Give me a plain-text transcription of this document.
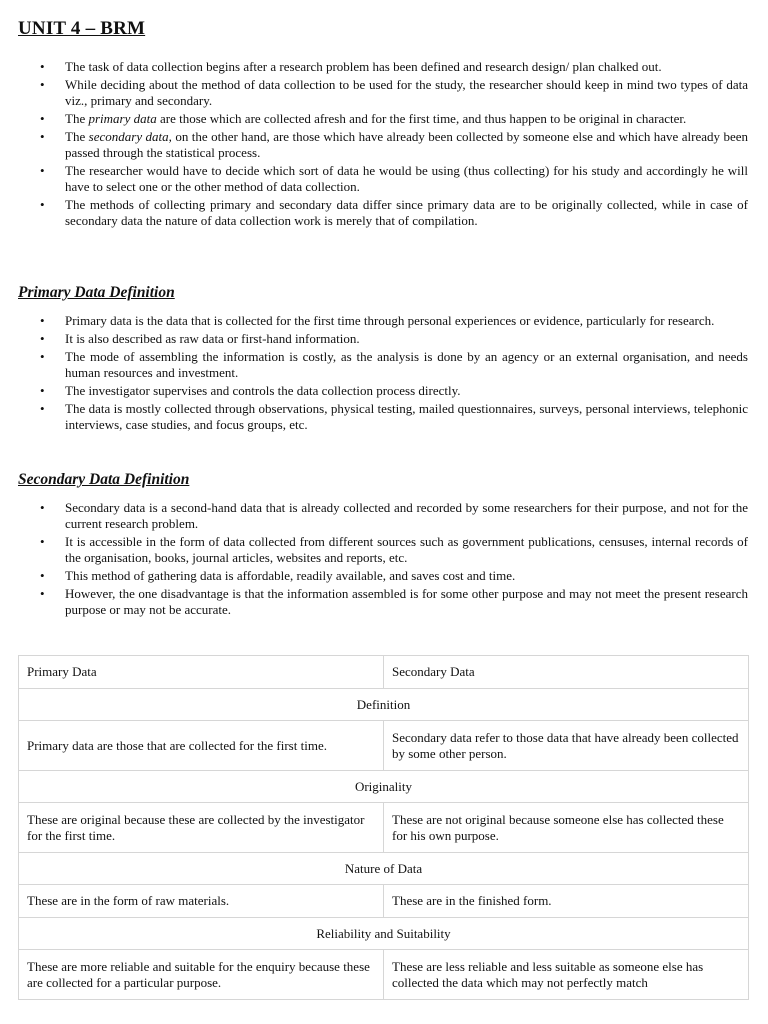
UNIT 4 – BRM
• The task of data collection begins after a research problem has been defined and research design/ plan chalked out.
• While deciding about the method of data collection to be used for the study, the researcher should keep in mind two types of data viz., primary and secondary.
• The primary data are those which are collected afresh and for the first time, and thus happen to be original in character.
• The secondary data, on the other hand, are those which have already been collected by someone else and which have already been passed through the statistical process.
• The researcher would have to decide which sort of data he would be using (thus collecting) for his study and accordingly he will have to select one or the other method of data collection.
• The methods of collecting primary and secondary data differ since primary data are to be originally collected, while in case of secondary data the nature of data collection work is merely that of compilation.
Primary Data Definition
• Primary data is the data that is collected for the first time through personal experiences or evidence, particularly for research.
• It is also described as raw data or first-hand information.
• The mode of assembling the information is costly, as the analysis is done by an agency or an external organisation, and needs human resources and investment.
• The investigator supervises and controls the data collection process directly.
• The data is mostly collected through observations, physical testing, mailed questionnaires, surveys, personal interviews, telephonic interviews, case studies, and focus groups, etc.
Secondary Data Definition
• Secondary data is a second-hand data that is already collected and recorded by some researchers for their purpose, and not for the current research problem.
• It is accessible in the form of data collected from different sources such as government publications, censuses, internal records of the organisation, books, journal articles, websites and reports, etc.
• This method of gathering data is affordable, readily available, and saves cost and time.
• However, the one disadvantage is that the information assembled is for some other purpose and may not meet the present research purpose or may not be accurate.
Primary Data	Secondary Data
Definition	
Primary data are those that are collected for the first time.	Secondary data refer to those data that have already been collected by some other person.
Originality	
These are original because these are collected by the investigator for the first time.	These are not original because someone else has collected these for his own purpose.
Nature of Data	
These are in the form of raw materials.	These are in the finished form.
Reliability and Suitability	
These are more reliable and suitable for the enquiry because these are collected for a particular purpose.	These are less reliable and less suitable as someone else has collected the data which may not perfectly match
